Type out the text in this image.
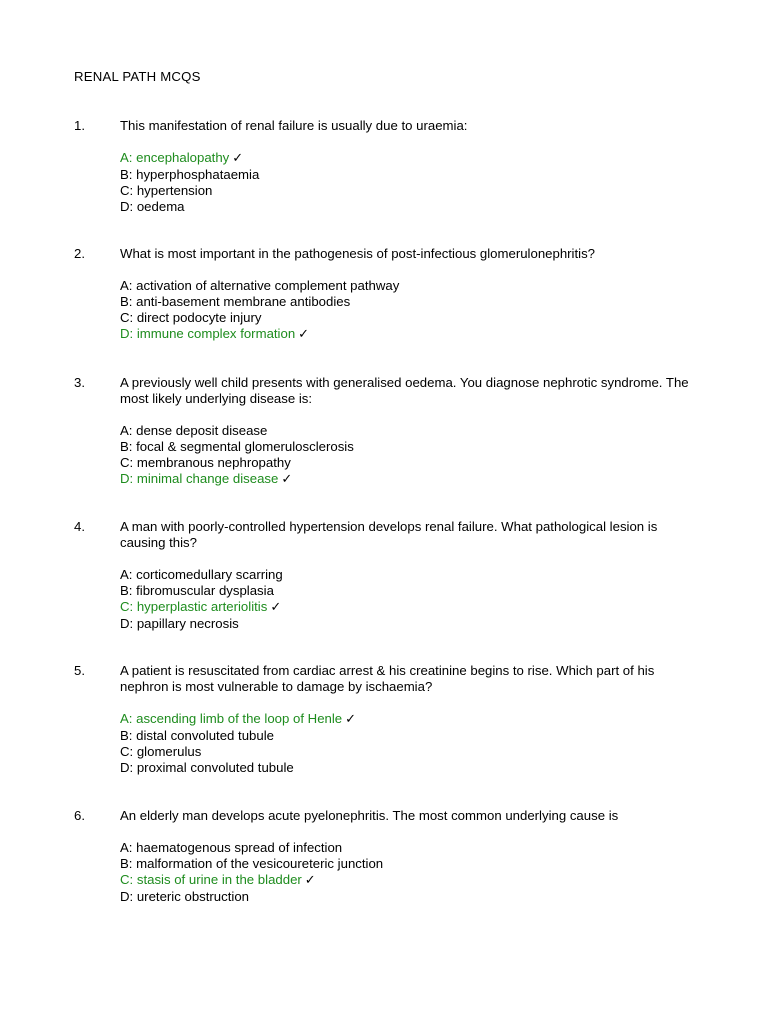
RENAL PATH MCQS
1.	This manifestation of renal failure is usually due to uraemia:
A: encephalopathy ✓
B: hyperphosphataemia
C: hypertension
D: oedema
2.	What is most important in the pathogenesis of post-infectious glomerulonephritis?
A: activation of alternative complement pathway
B: anti-basement membrane antibodies
C: direct podocyte injury
D: immune complex formation ✓
3.	A previously well child presents with generalised oedema. You diagnose nephrotic syndrome. The most likely underlying disease is:
A: dense deposit disease
B: focal & segmental glomerulosclerosis
C: membranous nephropathy
D: minimal change disease ✓
4.	A man with poorly-controlled hypertension develops renal failure. What pathological lesion is causing this?
A: corticomedullary scarring
B: fibromuscular dysplasia
C: hyperplastic arteriolitis ✓
D: papillary necrosis
5.	A patient is resuscitated from cardiac arrest & his creatinine begins to rise. Which part of his nephron is most vulnerable to damage by ischaemia?
A: ascending limb of the loop of Henle ✓
B: distal convoluted tubule
C: glomerulus
D: proximal convoluted tubule
6.	An elderly man develops acute pyelonephritis. The most common underlying cause is
A: haematogenous spread of infection
B: malformation of the vesicoureteric junction
C: stasis of urine in the bladder ✓
D: ureteric obstruction
